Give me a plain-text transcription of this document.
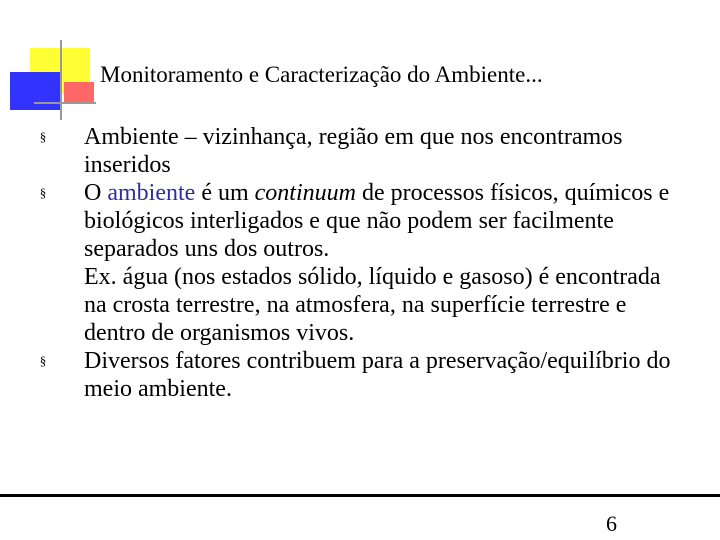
Monitoramento e Caracterização do Ambiente...
§ Ambiente – vizinhança, região em que nos encontramos inseridos
§ O ambiente é um continuum de processos físicos, químicos e biológicos interligados e que não podem ser facilmente separados uns dos outros.
Ex. água (nos estados sólido, líquido e gasoso) é encontrada na crosta terrestre, na atmosfera, na superfície terrestre e dentro de organismos vivos.
§ Diversos fatores contribuem para a preservação/equilíbrio do meio ambiente.
6
